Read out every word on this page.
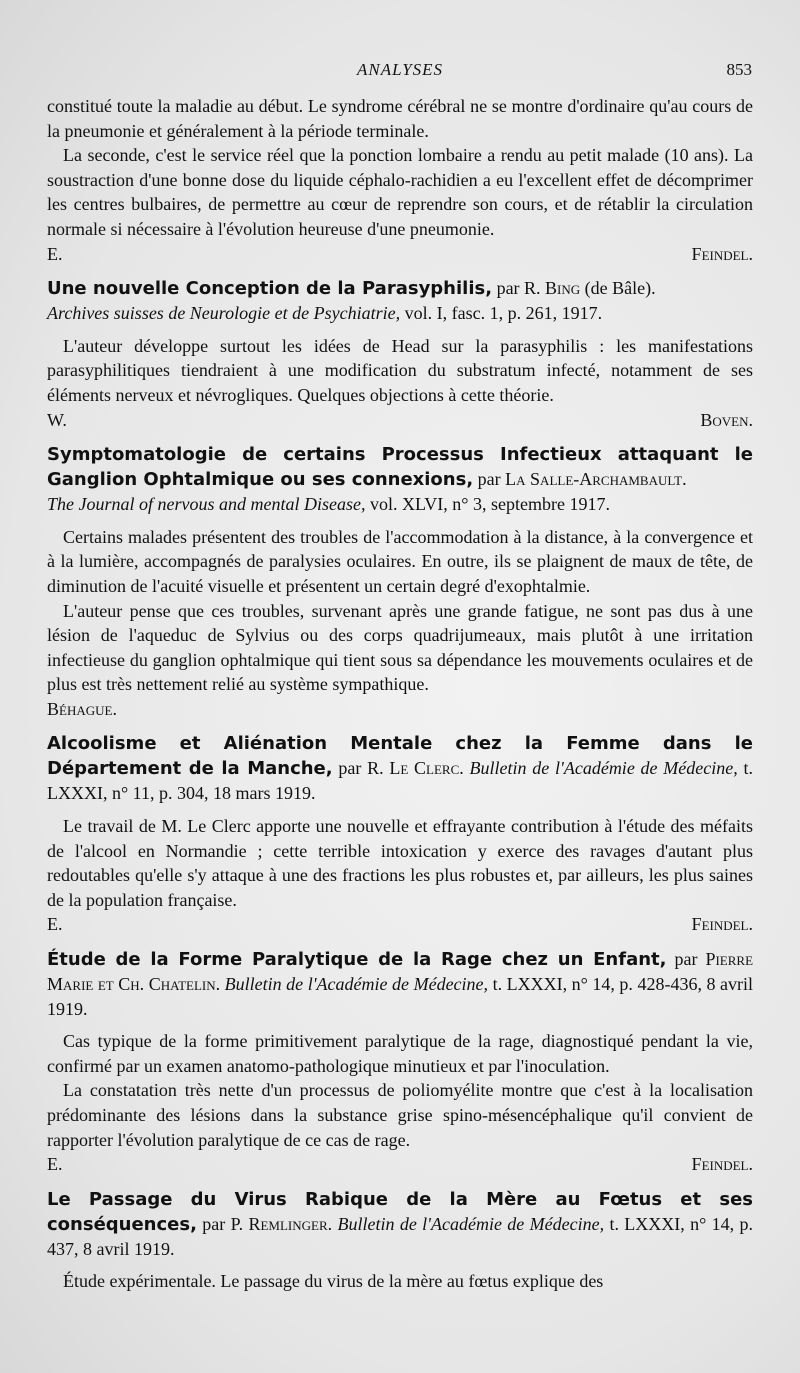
ANALYSES	853

constitué toute la maladie au début. Le syndrome cérébral ne se montre d'ordinaire qu'au cours de la pneumonie et généralement à la période terminale.

La seconde, c'est le service réel que la ponction lombaire a rendu au petit malade (10 ans). La soustraction d'une bonne dose du liquide céphalo-rachidien a eu l'excellent effet de décomprimer les centres bulbaires, de permettre au cœur de reprendre son cours, et de rétablir la circulation normale si nécessaire à l'évolution heureuse d'une pneumonie.

E. Feindel.

Une nouvelle Conception de la Parasyphilis, par R. Bing (de Bâle).

Archives suisses de Neurologie et de Psychiatrie, vol. I, fasc. 1, p. 261, 1917.

L'auteur développe surtout les idées de Head sur la parasyphilis : les manifestations parasyphilitiques tiendraient à une modification du substratum infecté, notamment de ses éléments nerveux et névrogliques. Quelques objections à cette théorie.

W. Boven.

Symptomatologie de certains Processus Infectieux attaquant le Ganglion Ophtalmique ou ses connexions, par La Salle-Archambault.

The Journal of nervous and mental Disease, vol. XLVI, n° 3, septembre 1917.

Certains malades présentent des troubles de l'accommodation à la distance, à la convergence et à la lumière, accompagnés de paralysies oculaires. En outre, ils se plaignent de maux de tête, de diminution de l'acuité visuelle et présentent un certain degré d'exophtalmie.

L'auteur pense que ces troubles, survenant après une grande fatigue, ne sont pas dus à une lésion de l'aqueduc de Sylvius ou des corps quadrijumeaux, mais plutôt à une irritation infectieuse du ganglion ophtalmique qui tient sous sa dépendance les mouvements oculaires et de plus est très nettement relié au système sympathique.

Béhague.

Alcoolisme et Aliénation Mentale chez la Femme dans le Département de la Manche, par R. Le Clerc. Bulletin de l'Académie de Médecine, t. LXXXI, n° 11, p. 304, 18 mars 1919.

Le travail de M. Le Clerc apporte une nouvelle et effrayante contribution à l'étude des méfaits de l'alcool en Normandie ; cette terrible intoxication y exerce des ravages d'autant plus redoutables qu'elle s'y attaque à une des fractions les plus robustes et, par ailleurs, les plus saines de la population française.

E. Feindel.

Étude de la Forme Paralytique de la Rage chez un Enfant, par Pierre Marie et Ch. Chatelin. Bulletin de l'Académie de Médecine, t. LXXXI, n° 14, p. 428-436, 8 avril 1919.

Cas typique de la forme primitivement paralytique de la rage, diagnostiqué pendant la vie, confirmé par un examen anatomo-pathologique minutieux et par l'inoculation.

La constatation très nette d'un processus de poliomyélite montre que c'est à la localisation prédominante des lésions dans la substance grise spino-mésencéphalique qu'il convient de rapporter l'évolution paralytique de ce cas de rage.

E. Feindel.

Le Passage du Virus Rabique de la Mère au Fœtus et ses conséquences, par P. Remlinger. Bulletin de l'Académie de Médecine, t. LXXXI, n° 14, p. 437, 8 avril 1919.

Étude expérimentale. Le passage du virus de la mère au fœtus explique des
